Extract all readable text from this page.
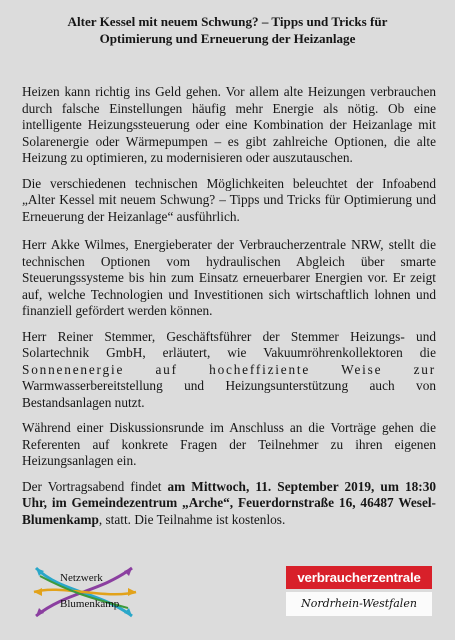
Alter Kessel mit neuem Schwung? – Tipps und Tricks für
Optimierung und Erneuerung der Heizanlage

Heizen kann richtig ins Geld gehen. Vor allem alte Heizungen verbrauchen durch falsche Einstellungen häufig mehr Energie als nötig. Ob eine intelligente Heizungssteuerung oder eine Kombination der Heizanlage mit Solarenergie oder Wärmepumpen – es gibt zahlreiche Optionen, die alte Heizung zu optimieren, zu modernisieren oder auszutauschen.

Die verschiedenen technischen Möglichkeiten beleuchtet der Infoabend „Alter Kessel mit neuem Schwung? – Tipps und Tricks für Optimierung und Erneuerung der Heizanlage“ ausführlich.

Herr Akke Wilmes, Energieberater der Verbraucherzentrale NRW, stellt die technischen Optionen vom hydraulischen Abgleich über smarte Steuerungssysteme bis hin zum Einsatz erneuerbarer Energien vor. Er zeigt auf, welche Technologien und Investitionen sich wirtschaftlich lohnen und finanziell gefördert werden können.

Herr Reiner Stemmer, Geschäftsführer der Stemmer Heizungs- und Solartechnik GmbH, erläutert, wie Vakuumröhrenkollektoren die Sonnenenergie auf hocheffiziente Weise zur Warmwasserbereitstellung und Heizungsunterstützung auch von Bestandsanlagen nutzt.

Während einer Diskussionsrunde im Anschluss an die Vorträge gehen die Referenten auf konkrete Fragen der Teilnehmer zu ihren eigenen Heizungsanlagen ein.

Der Vortragsabend findet am Mittwoch, 11. September 2019, um 18:30 Uhr, im Gemeindezentrum „Arche“, Feuerdornstraße 16, 46487 Wesel-Blumenkamp, statt. Die Teilnahme ist kostenlos.

Netzwerk
Blumenkamp
verbraucherzentrale
Nordrhein-Westfalen
